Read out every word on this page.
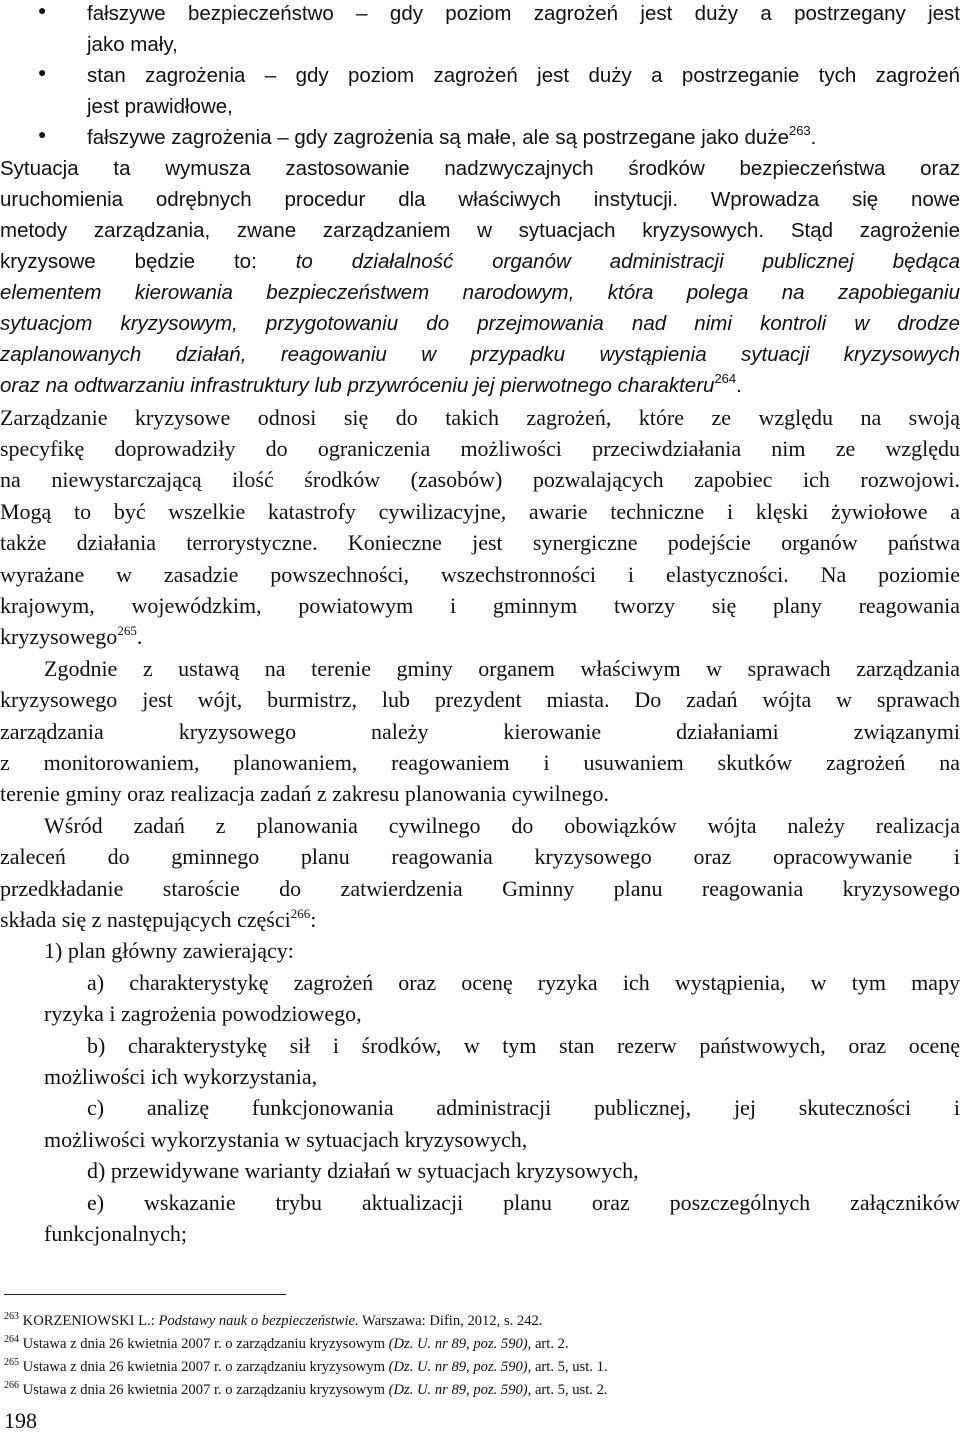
● fałszywe bezpieczeństwo – gdy poziom zagrożeń jest duży a postrzegany jest
jako mały,
● stan zagrożenia – gdy poziom zagrożeń jest duży a postrzeganie tych zagrożeń
jest prawidłowe,
● fałszywe zagrożenia – gdy zagrożenia są małe, ale są postrzegane jako duże$^{263}$.
Sytuacja ta wymusza zastosowanie nadzwyczajnych środków bezpieczeństwa oraz
uruchomienia odrębnych procedur dla właściwych instytucji. Wprowadza się nowe
metody zarządzania, zwane zarządzaniem w sytuacjach kryzysowych. Stąd zagrożenie
kryzysowe będzie to: to działalność organów administracji publicznej będąca
elementem kierowania bezpieczeństwem narodowym, która polega na zapobieganiu
sytuacjom kryzysowym, przygotowaniu do przejmowania nad nimi kontroli w drodze
zaplanowanych działań, reagowaniu w przypadku wystąpienia sytuacji kryzysowych
oraz na odtwarzaniu infrastruktury lub przywróceniu jej pierwotnego charakteru$^{264}$.
Zarządzanie kryzysowe odnosi się do takich zagrożeń, które ze względu na swoją
specyfikę doprowadziły do ograniczenia możliwości przeciwdziałania nim ze względu
na niewystarczającą ilość środków (zasobów) pozwalających zapobiec ich rozwojowi.
Mogą to być wszelkie katastrofy cywilizacyjne, awarie techniczne i klęski żywiołowe a
także działania terrorystyczne. Konieczne jest synergiczne podejście organów państwa
wyrażane w zasadzie powszechności, wszechstronności i elastyczności. Na poziomie
krajowym, wojewódzkim, powiatowym i gminnym tworzy się plany reagowania
kryzysowego$^{265}$.
Zgodnie z ustawą na terenie gminy organem właściwym w sprawach zarządzania
kryzysowego jest wójt, burmistrz, lub prezydent miasta. Do zadań wójta w sprawach
zarządzania kryzysowego należy kierowanie działaniami związanymi
z monitorowaniem, planowaniem, reagowaniem i usuwaniem skutków zagrożeń na
terenie gminy oraz realizacja zadań z zakresu planowania cywilnego.
Wśród zadań z planowania cywilnego do obowiązków wójta należy realizacja
zaleceń do gminnego planu reagowania kryzysowego oraz opracowywanie i
przedkładanie staroście do zatwierdzenia Gminny planu reagowania kryzysowego
składa się z następujących części$^{266}$:
1) plan główny zawierający:
a) charakterystykę zagrożeń oraz ocenę ryzyka ich wystąpienia, w tym mapy
ryzyka i zagrożenia powodziowego,
b) charakterystykę sił i środków, w tym stan rezerw państwowych, oraz ocenę
możliwości ich wykorzystania,
c) analizę funkcjonowania administracji publicznej, jej skuteczności i
możliwości wykorzystania w sytuacjach kryzysowych,
d) przewidywane warianty działań w sytuacjach kryzysowych,
e) wskazanie trybu aktualizacji planu oraz poszczególnych załączników
funkcjonalnych;
$^{263}$ KORZENIOWSKI L.: Podstawy nauk o bezpieczeństwie. Warszawa: Difin, 2012, s. 242.
$^{264}$ Ustawa z dnia 26 kwietnia 2007 r. o zarządzaniu kryzysowym (Dz. U. nr 89, poz. 590), art. 2.
$^{265}$ Ustawa z dnia 26 kwietnia 2007 r. o zarządzaniu kryzysowym (Dz. U. nr 89, poz. 590), art. 5, ust. 1.
$^{266}$ Ustawa z dnia 26 kwietnia 2007 r. o zarządzaniu kryzysowym (Dz. U. nr 89, poz. 590), art. 5, ust. 2.
198
